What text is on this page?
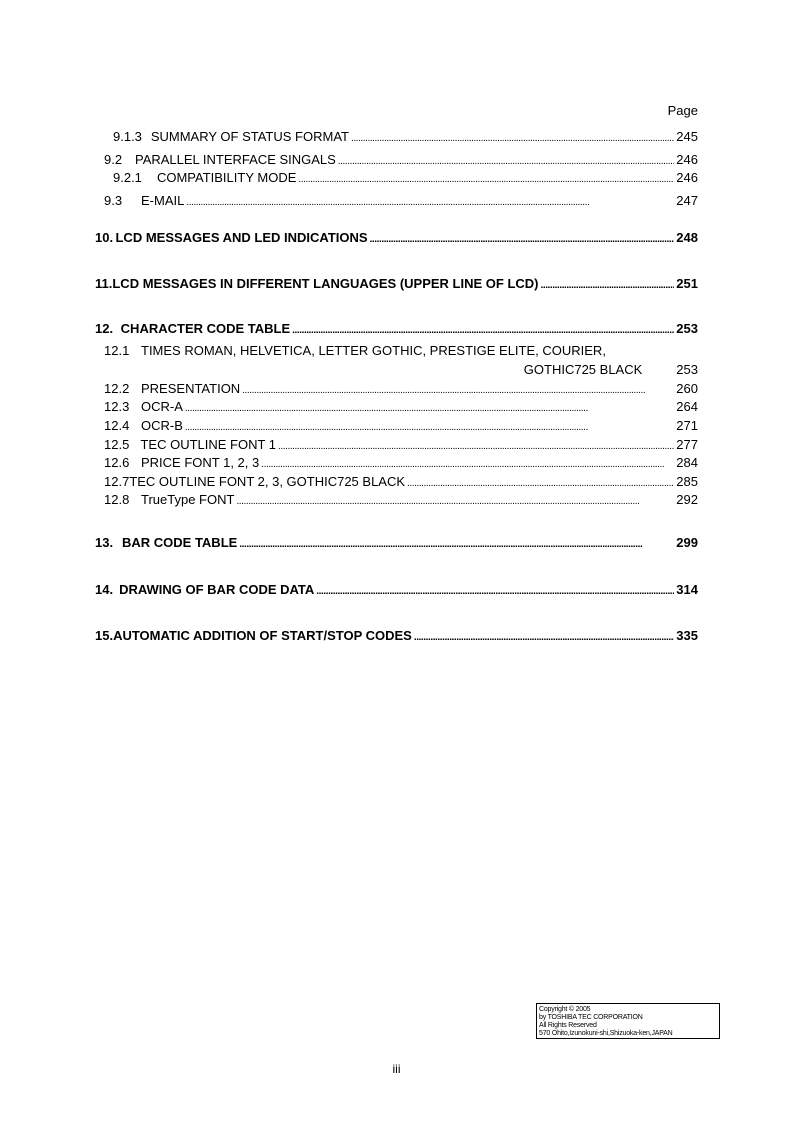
Page
9.1.3 SUMMARY OF STATUS FORMAT . . .	245
9.2 PARALLEL INTERFACE SINGALS . . .	246
9.2.1	COMPATIBILITY MODE . . .	246
9.3	E-MAIL . . .	247
10. LCD MESSAGES AND LED INDICATIONS . . .	248
11. LCD MESSAGES IN DIFFERENT LANGUAGES (UPPER LINE OF LCD) . . .	251
12. CHARACTER CODE TABLE . . .	253
12.1 TIMES ROMAN, HELVETICA, LETTER GOTHIC, PRESTIGE ELITE, COURIER,
GOTHIC725 BLACK	253
12.2 PRESENTATION . . .	260
12.3 OCR-A . . .	264
12.4 OCR-B . . .	271
12.5 TEC OUTLINE FONT 1 . . .	277
12.6 PRICE FONT 1, 2, 3 . . .	284
12.7 TEC OUTLINE FONT 2, 3, GOTHIC725 BLACK . . .	285
12.8 TrueType FONT . . .	292
13. BAR CODE TABLE . . .	299
14. DRAWING OF BAR CODE DATA . . .	314
15. AUTOMATIC ADDITION OF START/STOP CODES . . .	335
Copyright © 2005
by TOSHIBA TEC CORPORATION
All Rights Reserved
570 Ohito,Izunokuni-shi,Shizuoka-ken,JAPAN
iii
